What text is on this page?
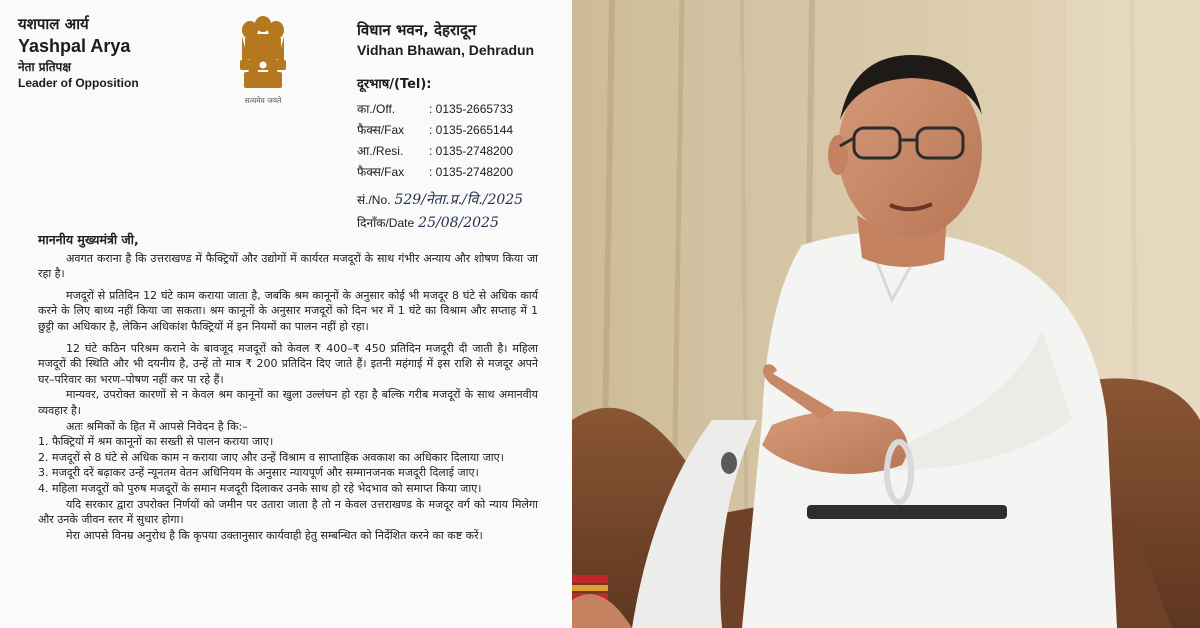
यशपाल आर्य
Yashpal Arya
नेता प्रतिपक्ष
Leader of Opposition
सत्यमेव जयते
विधान भवन, देहरादून
Vidhan Bhawan, Dehradun
दूरभाष/(Tel):
का./Off.	: 0135-2665733
फैक्स/Fax	: 0135-2665144
आ./Resi.	: 0135-2748200
फैक्स/Fax	: 0135-2748200
सं./No. 529/नेता.प्र./वि./2025
दिनाँक/Date 25/08/2025

माननीय मुख्यमंत्री जी,

अवगत कराना है कि उत्तराखण्ड में फैक्ट्रियों और उद्योगों में कार्यरत मजदूरों के साथ गंभीर अन्याय और शोषण किया जा रहा है।

मजदूरों से प्रतिदिन 12 घंटे काम कराया जाता है, जबकि श्रम कानूनों के अनुसार कोई भी मजदूर 8 घंटे से अधिक कार्य करने के लिए बाध्य नहीं किया जा सकता। श्रम कानूनों के अनुसार मजदूरों को दिन भर में 1 घंटे का विश्राम और सप्ताह में 1 छुट्टी का अधिकार है, लेकिन अधिकांश फैक्ट्रियों में इन नियमों का पालन नहीं हो रहा।

12 घंटे कठिन परिश्रम कराने के बावजूद मजदूरों को केवल ₹ 400–₹ 450 प्रतिदिन मजदूरी दी जाती है। महिला मजदूरों की स्थिति और भी दयनीय है, उन्हें तो मात्र ₹ 200 प्रतिदिन दिए जाते हैं। इतनी महंगाई में इस राशि से मजदूर अपने घर–परिवार का भरण–पोषण नहीं कर पा रहे हैं।

मान्यवर, उपरोक्त कारणों से न केवल श्रम कानूनों का खुला उल्लंघन हो रहा है बल्कि गरीब मजदूरों के साथ अमानवीय व्यवहार है।

अतः श्रमिकों के हित में आपसे निवेदन है कि:–

1. फैक्ट्रियों में श्रम कानूनों का सख्ती से पालन कराया जाए।

2. मजदूरों से 8 घंटे से अधिक काम न कराया जाए और उन्हें विश्राम व साप्ताहिक अवकाश का अधिकार दिलाया जाए।

3. मजदूरी दरें बढ़ाकर उन्हें न्यूनतम वेतन अधिनियम के अनुसार न्यायपूर्ण और सम्मानजनक मजदूरी दिलाई जाए।

4. महिला मजदूरों को पुरुष मजदूरों के समान मजदूरी दिलाकर उनके साथ हो रहे भेदभाव को समाप्त किया जाए।

यदि सरकार द्वारा उपरोक्त निर्णयों को जमीन पर उतारा जाता है तो न केवल उत्तराखण्ड के मजदूर वर्ग को न्याय मिलेगा और उनके जीवन स्तर में सुधार होगा।

मेरा आपसे विनम्र अनुरोध है कि कृपया उक्तानुसार कार्यवाही हेतु सम्बन्धित को निर्देशित करने का कष्ट करें।
